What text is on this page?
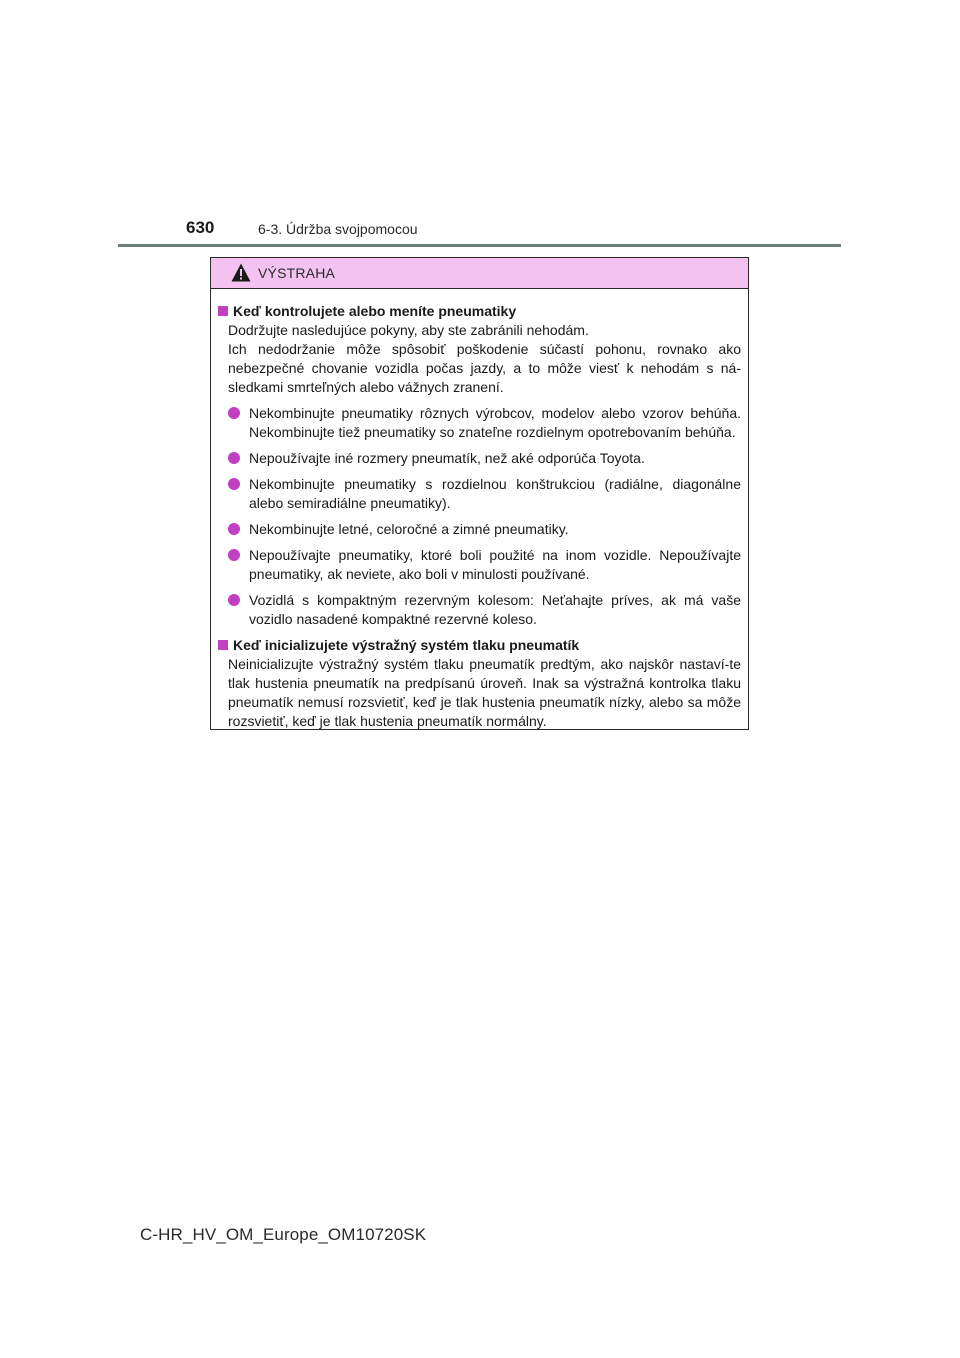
630	6-3. Údržba svojpomocou
VÝSTRAHA
Keď kontrolujete alebo meníte pneumatiky
Dodržujte nasledujúce pokyny, aby ste zabránili nehodám.
Ich nedodržanie môže spôsobiť poškodenie súčastí pohonu, rovnako ako nebezpečné chovanie vozidla počas jazdy, a to môže viesť k nehodám s ná-sledkami smrteľných alebo vážnych zranení.
Nekombinujte pneumatiky rôznych výrobcov, modelov alebo vzorov behúňa. Nekombinujte tiež pneumatiky so znateľne rozdielnym opotrebovaním behúňa.
Nepoužívajte iné rozmery pneumatík, než aké odporúča Toyota.
Nekombinujte pneumatiky s rozdielnou konštrukciou (radiálne, diagonálne alebo semiradiálne pneumatiky).
Nekombinujte letné, celoročné a zimné pneumatiky.
Nepoužívajte pneumatiky, ktoré boli použité na inom vozidle. Nepoužívajte pneumatiky, ak neviete, ako boli v minulosti používané.
Vozidlá s kompaktným rezervným kolesom: Neťahajte príves, ak má vaše vozidlo nasadené kompaktné rezervné koleso.
Keď inicializujete výstražný systém tlaku pneumatík
Neinicializujte výstražný systém tlaku pneumatík predtým, ako najskôr nastaví-te tlak hustenia pneumatík na predpísanú úroveň. Inak sa výstražná kontrolka tlaku pneumatík nemusí rozsvietiť, keď je tlak hustenia pneumatík nízky, alebo sa môže rozsvietiť, keď je tlak hustenia pneumatík normálny.
C-HR_HV_OM_Europe_OM10720SK
